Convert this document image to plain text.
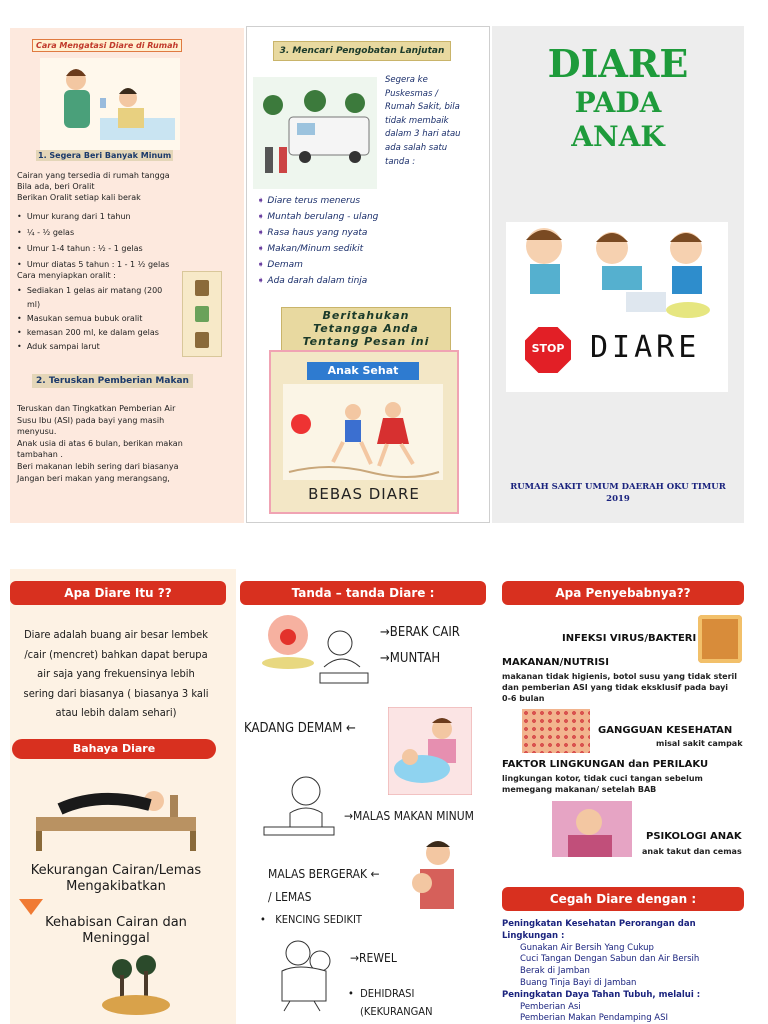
Cara Mengatasi Diare di Rumah
1. Segera Beri Banyak Minum
Cairan yang tersedia di rumah tangga
Bila ada, beri Oralit
Berikan Oralit setiap kali berak
•  Umur kurang dari 1 tahun
•  ¼ - ½ gelas
•  Umur 1-4 tahun : ½ - 1 gelas
•  Umur diatas 5 tahun : 1 - 1 ½ gelas
Cara menyiapkan oralit :
•  Sediakan 1 gelas air matang (200 ml)
•  Masukan semua bubuk oralit
•  kemasan 200 ml, ke dalam gelas
•  Aduk sampai larut
2. Teruskan Pemberian Makan
Teruskan dan Tingkatkan Pemberian Air
Susu Ibu (ASI) pada bayi yang masih
menyusu.
Anak usia di atas 6 bulan, berikan makan
tambahan .
Beri makanan lebih sering dari biasanya
Jangan beri makan yang merangsang,
3. Mencari Pengobatan Lanjutan
Segera ke
Puskesmas /
Rumah Sakit, bila
tidak membaik
dalam 3 hari atau
ada salah satu
tanda :
➧ Diare terus menerus
➧ Muntah berulang - ulang
➧ Rasa haus yang nyata
➧ Makan/Minum sedikit
➧ Demam
➧ Ada darah dalam tinja
Beritahukan
Tetangga Anda
Tentang Pesan ini
Anak Sehat
BEBAS DIARE
DIARE
PADA
ANAK
STOP DIARE
RUMAH SAKIT UMUM DAERAH OKU TIMUR
2019
Apa Diare Itu ??
Diare adalah buang air besar lembek
/cair (mencret) bahkan dapat berupa
air saja yang frekuensinya lebih
sering dari biasanya ( biasanya 3 kali
atau lebih dalam sehari)
Bahaya Diare
Kekurangan Cairan/Lemas
Mengakibatkan
Kehabisan Cairan dan
Meninggal
Tanda – tanda Diare :
→BERAK CAIR
→MUNTAH
KADANG DEMAM ←
→MALAS MAKAN MINUM
MALAS BERGERAK ←
/ LEMAS
•   KENCING SEDIKIT
→REWEL
•  DEHIDRASI
(KEKURANGAN
Apa Penyebabnya??
INFEKSI VIRUS/BAKTERI
MAKANAN/NUTRISI
makanan tidak higienis, botol susu yang tidak steril
dan pemberian ASI yang tidak eksklusif pada bayi
0-6 bulan
GANGGUAN KESEHATAN
misal sakit campak
FAKTOR LINGKUNGAN dan PERILAKU
lingkungan kotor, tidak cuci tangan sebelum
memegang makanan/ setelah BAB
PSIKOLOGI ANAK
anak takut dan cemas
Cegah Diare dengan :
Peningkatan Kesehatan Perorangan dan
Lingkungan :
Gunakan Air Bersih Yang Cukup
Cuci Tangan Dengan Sabun dan Air Bersih
Berak di Jamban
Buang Tinja Bayi di Jamban
Peningkatan Daya Tahan Tubuh, melalui :
Pemberian Asi
Pemberian Makan Pendamping ASI
